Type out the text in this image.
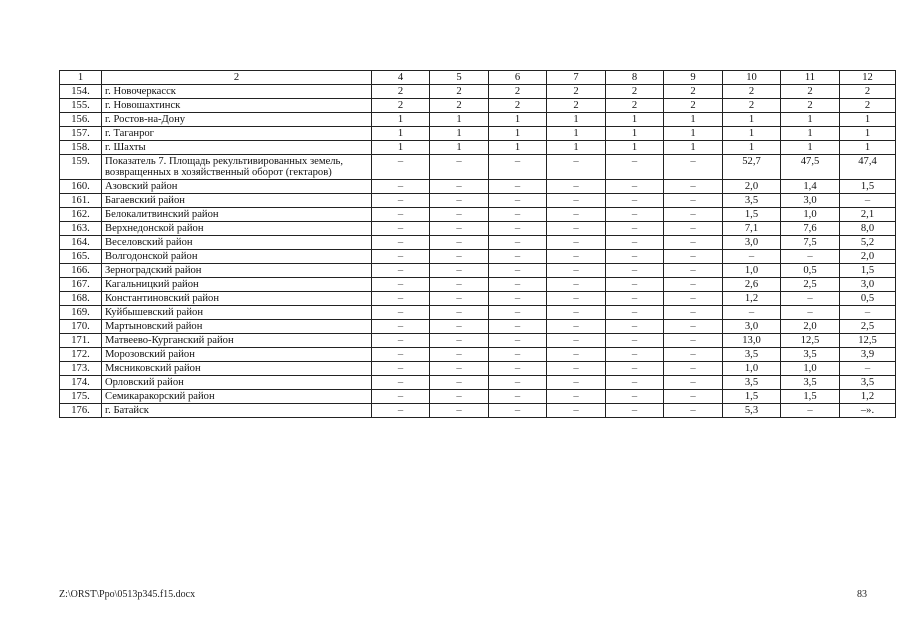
1	2	4	5	6	7	8	9	10	11	12
154.	г. Новочеркасск	2	2	2	2	2	2	2	2	2
155.	г. Новошахтинск	2	2	2	2	2	2	2	2	2
156.	г. Ростов-на-Дону	1	1	1	1	1	1	1	1	1
157.	г. Таганрог	1	1	1	1	1	1	1	1	1
158.	г. Шахты	1	1	1	1	1	1	1	1	1
159.	Показатель 7. Площадь рекультивированных земель, возвращенных в хозяйственный оборот (гектаров)	–	–	–	–	–	–	52,7	47,5	47,4
160.	Азовский район	–	–	–	–	–	–	2,0	1,4	1,5
161.	Багаевский район	–	–	–	–	–	–	3,5	3,0	–
162.	Белокалитвинский район	–	–	–	–	–	–	1,5	1,0	2,1
163.	Верхнедонской район	–	–	–	–	–	–	7,1	7,6	8,0
164.	Веселовский район	–	–	–	–	–	–	3,0	7,5	5,2
165.	Волгодонской район	–	–	–	–	–	–	–	–	2,0
166.	Зерноградский район	–	–	–	–	–	–	1,0	0,5	1,5
167.	Кагальницкий район	–	–	–	–	–	–	2,6	2,5	3,0
168.	Константиновский район	–	–	–	–	–	–	1,2	–	0,5
169.	Куйбышевский район	–	–	–	–	–	–	–	–	–
170.	Мартыновский район	–	–	–	–	–	–	3,0	2,0	2,5
171.	Матвеево-Курганский район	–	–	–	–	–	–	13,0	12,5	12,5
172.	Морозовский район	–	–	–	–	–	–	3,5	3,5	3,9
173.	Мясниковский район	–	–	–	–	–	–	1,0	1,0	–
174.	Орловский район	–	–	–	–	–	–	3,5	3,5	3,5
175.	Семикаракорский район	–	–	–	–	–	–	1,5	1,5	1,2
176.	г. Батайск	–	–	–	–	–	–	5,3	–	–».
Z:\ORST\Ppo\0513p345.f15.docx	83
